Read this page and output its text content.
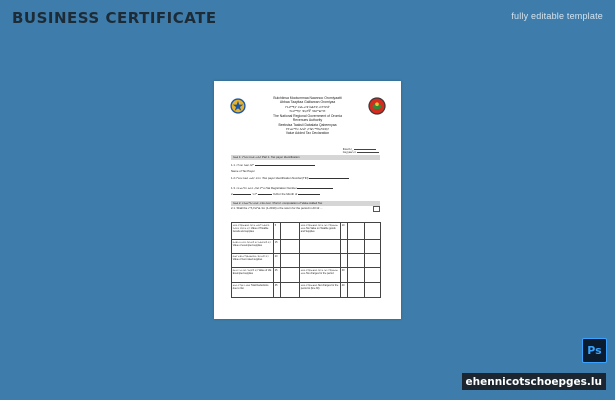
BUSINESS CERTIFICATE	fully editable template
Bulchiinsa Mootummaa Naannoo Oromiyaatti
Abbaa Taayitaa Galiiwwan Oromiyaa
የኦሮሚያ ብሔራዊ ክልላዊ መንግስት
የኦሮሚያ ገቢዎች ባለሥልጣን
The National Regional Government of Oromia
Revenues Authority
Beeksisa Taaksii Dabalata Qabeenyaa
የተጨማሪ እሴት ታክስ ማስታወቂያ
Value Added Tax Declaration
Ibsa #.c_
Guyyaa/ ቀን
ክፍል 1: የግብር ከፋይ መለያ Part 1. Tax payer Identification
1.1. የግብር ከፋይ ስም
Name of Tax Payer
1.2.የግብር ከፋይ መለያ ቁጥር /Tax payer Identification Number(TIN)
1.3. የተጨማሪ እሴት ታክስ ምዝ /Vat Registration Number
2.	ዓ.ም.	Ye/For the Month of
ክፍል 2. የተጨማሪ እሴት ታክስ ስሌት / Part 2. computation of Value Added Tax
2.1. Shall the የሚያገለግል ቅጽ (1-2010) ሀ the return for the period in All 12 ...
ታክስ የሚከፈልበት ሽያጭ ወይም አቅርቦት ግብይት የሽያጭ ዋጋ Value of Taxable Goods and supplies	5		ታክስ የሚከፈልበት ሽያጭ ላይ የሚከፈለው ታክስ Tax Value on Taxable goods and Supplies	10		
ከታክስ ነጻ የሆኑ ሽያጮች እና አቅርቦቶች ዋጋ Value of exempted supplies	15					
በዜሮ ታክስ የሚከፈልባቸው ሽያጮች ዋጋ Value of zero rated supplies	20					
ከቀረጥ ነጻ የሆኑ ግዢዎች ዋጋ Value of Vat Exempted supplies	25		ታክስ የሚከፈልበት ሽያጭ ላይ የሚከፈለው ታክስ Tax charges for the period	30		
ለሌላ የሚሰጥ ታክስ Total Deductions due to Vat	35		ታክስ የሚከፈልበት Net charges for the period to (line 30)	40		
Ps
ehennicotschoepges.lu
